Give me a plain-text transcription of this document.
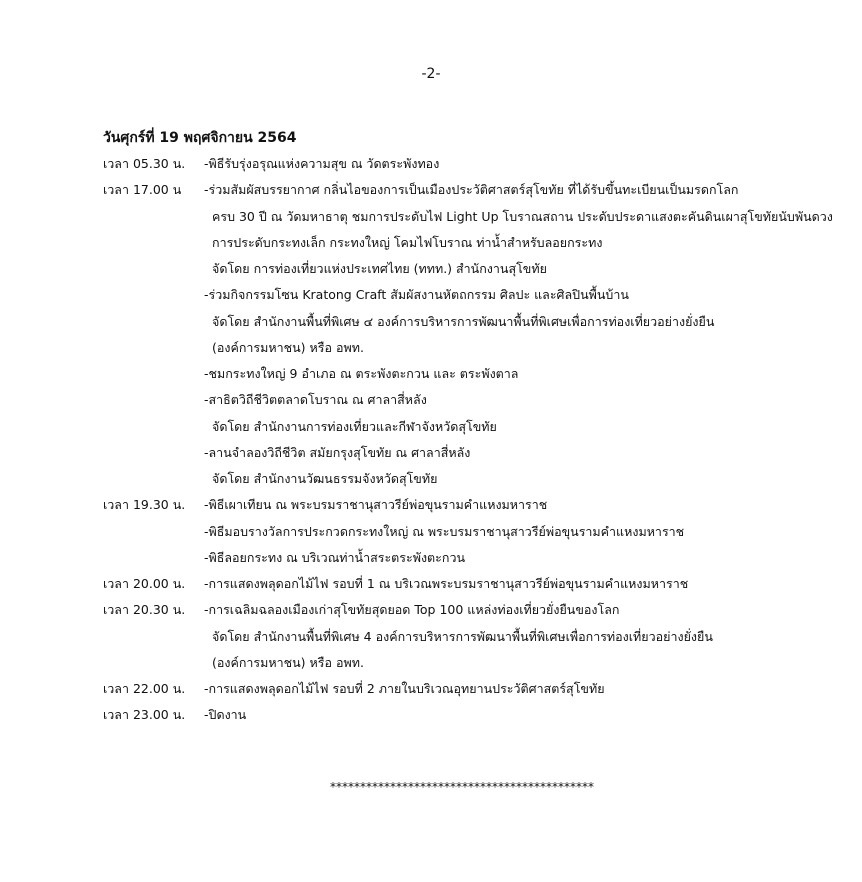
-2-
วันศุกร์ที่ 19 พฤศจิกายน 2564
เวลา 05.30 น. -พิธีรับรุ่งอรุณแห่งความสุข ณ วัดตระพังทอง
เวลา 17.00 น -ร่วมสัมผัสบรรยากาศ กลิ่นไอของการเป็นเมืองประวัติศาสตร์สุโขทัย ที่ได้รับขึ้นทะเบียนเป็นมรดกโลก
ครบ 30 ปี ณ วัดมหาธาตุ ชมการประดับไฟ Light Up โบราณสถาน ประดับประดาแสงตะคันดินเผาสุโขทัยนับพันดวง
การประดับกระทงเล็ก กระทงใหญ่ โคมไฟโบราณ ท่าน้ำสำหรับลอยกระทง
จัดโดย การท่องเที่ยวแห่งประเทศไทย (ททท.) สำนักงานสุโขทัย
-ร่วมกิจกรรมโซน Kratong Craft สัมผัสงานหัตถกรรม ศิลปะ และศิลปินพื้นบ้าน
จัดโดย สำนักงานพื้นที่พิเศษ ๔ องค์การบริหารการพัฒนาพื้นที่พิเศษเพื่อการท่องเที่ยวอย่างยั่งยืน
(องค์การมหาชน) หรือ อพท.
-ชมกระทงใหญ่ 9 อำเภอ ณ ตระพังตะกวน และ ตระพังตาล
-สาธิตวิถีชีวิตตลาดโบราณ ณ ศาลาสี่หลัง
จัดโดย สำนักงานการท่องเที่ยวและกีฬาจังหวัดสุโขทัย
-ลานจำลองวิถีชีวิต สมัยกรุงสุโขทัย ณ ศาลาสี่หลัง
จัดโดย สำนักงานวัฒนธรรมจังหวัดสุโขทัย
เวลา 19.30 น. -พิธีเผาเทียน ณ พระบรมราชานุสาวรีย์พ่อขุนรามคำแหงมหาราช
-พิธีมอบรางวัลการประกวดกระทงใหญ่ ณ พระบรมราชานุสาวรีย์พ่อขุนรามคำแหงมหาราช
-พิธีลอยกระทง ณ บริเวณท่าน้ำสระตระพังตะกวน
เวลา 20.00 น. -การแสดงพลุดอกไม้ไฟ รอบที่ 1 ณ บริเวณพระบรมราชานุสาวรีย์พ่อขุนรามคำแหงมหาราช
เวลา 20.30 น. -การเฉลิมฉลองเมืองเก่าสุโขทัยสุดยอด Top 100 แหล่งท่องเที่ยวยั่งยืนของโลก
จัดโดย สำนักงานพื้นที่พิเศษ 4 องค์การบริหารการพัฒนาพื้นที่พิเศษเพื่อการท่องเที่ยวอย่างยั่งยืน
(องค์การมหาชน) หรือ อพท.
เวลา 22.00 น. -การแสดงพลุดอกไม้ไฟ รอบที่ 2 ภายในบริเวณอุทยานประวัติศาสตร์สุโขทัย
เวลา 23.00 น. -ปิดงาน
********************************************
